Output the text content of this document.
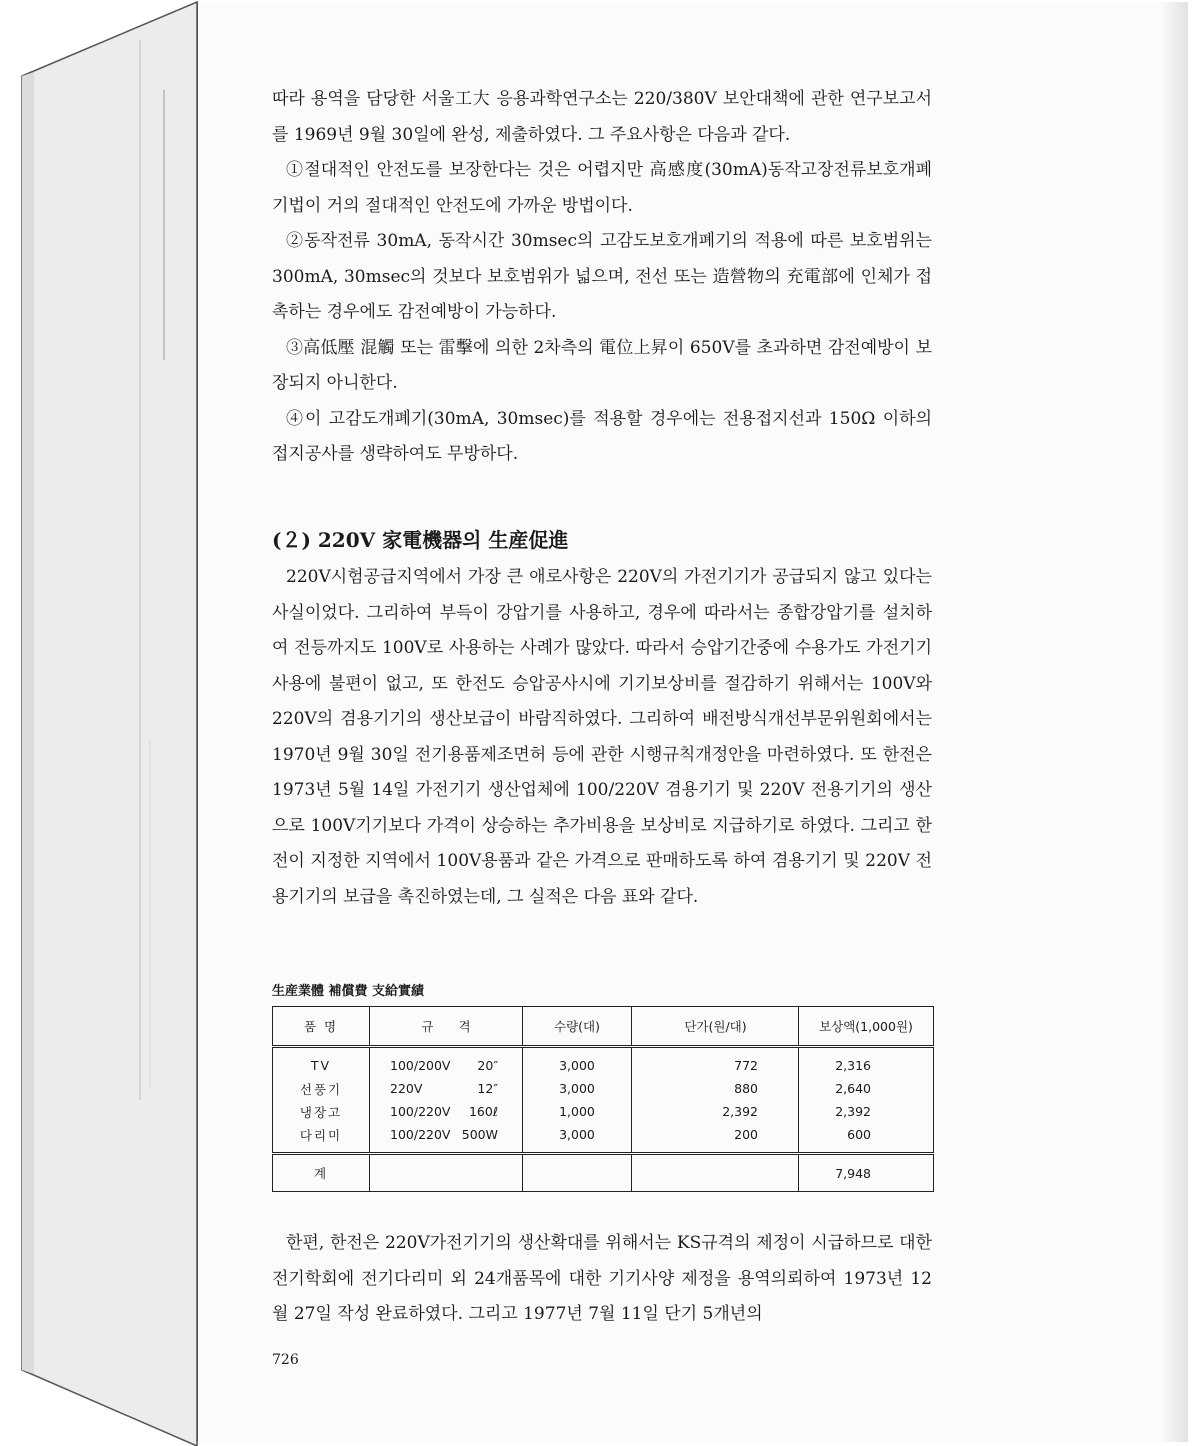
따라 용역을 담당한 서울工大 응용과학연구소는 220/380V 보안대책에 관한 연구보고서를 1969년 9월 30일에 완성, 제출하였다. 그 주요사항은 다음과 같다.

①절대적인 안전도를 보장한다는 것은 어렵지만 高感度(30mA)동작고장전류보호개폐기법이 거의 절대적인 안전도에 가까운 방법이다.

②동작전류 30mA, 동작시간 30msec의 고감도보호개폐기의 적용에 따른 보호범위는 300mA, 30msec의 것보다 보호범위가 넓으며, 전선 또는 造營物의 充電部에 인체가 접촉하는 경우에도 감전예방이 가능하다.

③高低壓 混觸 또는 雷擊에 의한 2차측의 電位上昇이 650V를 초과하면 감전예방이 보장되지 아니한다.

④이 고감도개폐기(30mA, 30msec)를 적용할 경우에는 전용접지선과 150Ω 이하의 접지공사를 생략하여도 무방하다.

(２) 220V 家電機器의 生産促進

220V시험공급지역에서 가장 큰 애로사항은 220V의 가전기기가 공급되지 않고 있다는 사실이었다. 그리하여 부득이 강압기를 사용하고, 경우에 따라서는 종합강압기를 설치하여 전등까지도 100V로 사용하는 사례가 많았다. 따라서 승압기간중에 수용가도 가전기기 사용에 불편이 없고, 또 한전도 승압공사시에 기기보상비를 절감하기 위해서는 100V와 220V의 겸용기기의 생산보급이 바람직하였다. 그리하여 배전방식개선부문위원회에서는 1970년 9월 30일 전기용품제조면허 등에 관한 시행규칙개정안을 마련하였다. 또 한전은 1973년 5월 14일 가전기기 생산업체에 100/220V 겸용기기 및 220V 전용기기의 생산으로 100V기기보다 가격이 상승하는 추가비용을 보상비로 지급하기로 하였다. 그리고 한전이 지정한 지역에서 100V용품과 같은 가격으로 판매하도록 하여 겸용기기 및 220V 전용기기의 보급을 촉진하였는데, 그 실적은 다음 표와 같다.

生産業體 補償費 支給實績
품 명	규　　격	수량(대)	단가(원/대)	보상액(1,000원)
TV	100/200V 20″	3,000	772	2,316
선풍기	220V 12″	3,000	880	2,640
냉장고	100/220V 160ℓ	1,000	2,392	2,392
다리미	100/220V 500W	3,000	200	600
계				7,948

한편, 한전은 220V가전기기의 생산확대를 위해서는 KS규격의 제정이 시급하므로 대한전기학회에 전기다리미 외 24개품목에 대한 기기사양 제정을 용역의뢰하여 1973년 12월 27일 작성 완료하였다. 그리고 1977년 7월 11일 단기 5개년의

726
